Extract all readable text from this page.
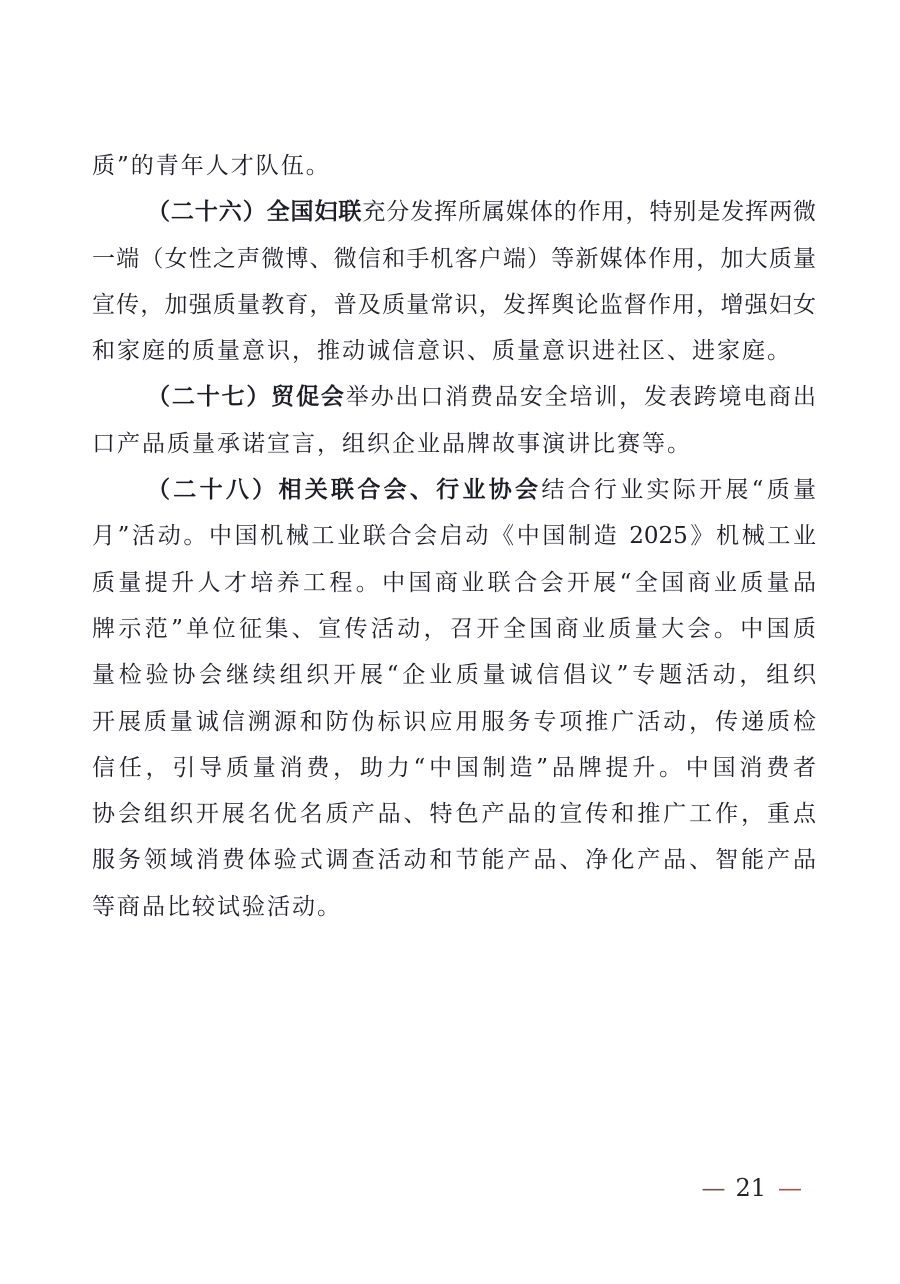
质”的青年人才队伍。
（二十六）全国妇联充分发挥所属媒体的作用，特别是发挥两微
一端（女性之声微博、微信和手机客户端）等新媒体作用，加大质量
宣传，加强质量教育，普及质量常识，发挥舆论监督作用，增强妇女
和家庭的质量意识，推动诚信意识、质量意识进社区、进家庭。
（二十七）贸促会举办出口消费品安全培训，发表跨境电商出
口产品质量承诺宣言，组织企业品牌故事演讲比赛等。
（二十八）相关联合会、行业协会结合行业实际开展“质量
月”活动。中国机械工业联合会启动《中国制造 2025》机械工业
质量提升人才培养工程。中国商业联合会开展“全国商业质量品
牌示范”单位征集、宣传活动，召开全国商业质量大会。中国质
量检验协会继续组织开展“企业质量诚信倡议”专题活动，组织
开展质量诚信溯源和防伪标识应用服务专项推广活动，传递质检
信任，引导质量消费，助力“中国制造”品牌提升。中国消费者
协会组织开展名优名质产品、特色产品的宣传和推广工作，重点
服务领域消费体验式调查活动和节能产品、净化产品、智能产品
等商品比较试验活动。
— 21 —
